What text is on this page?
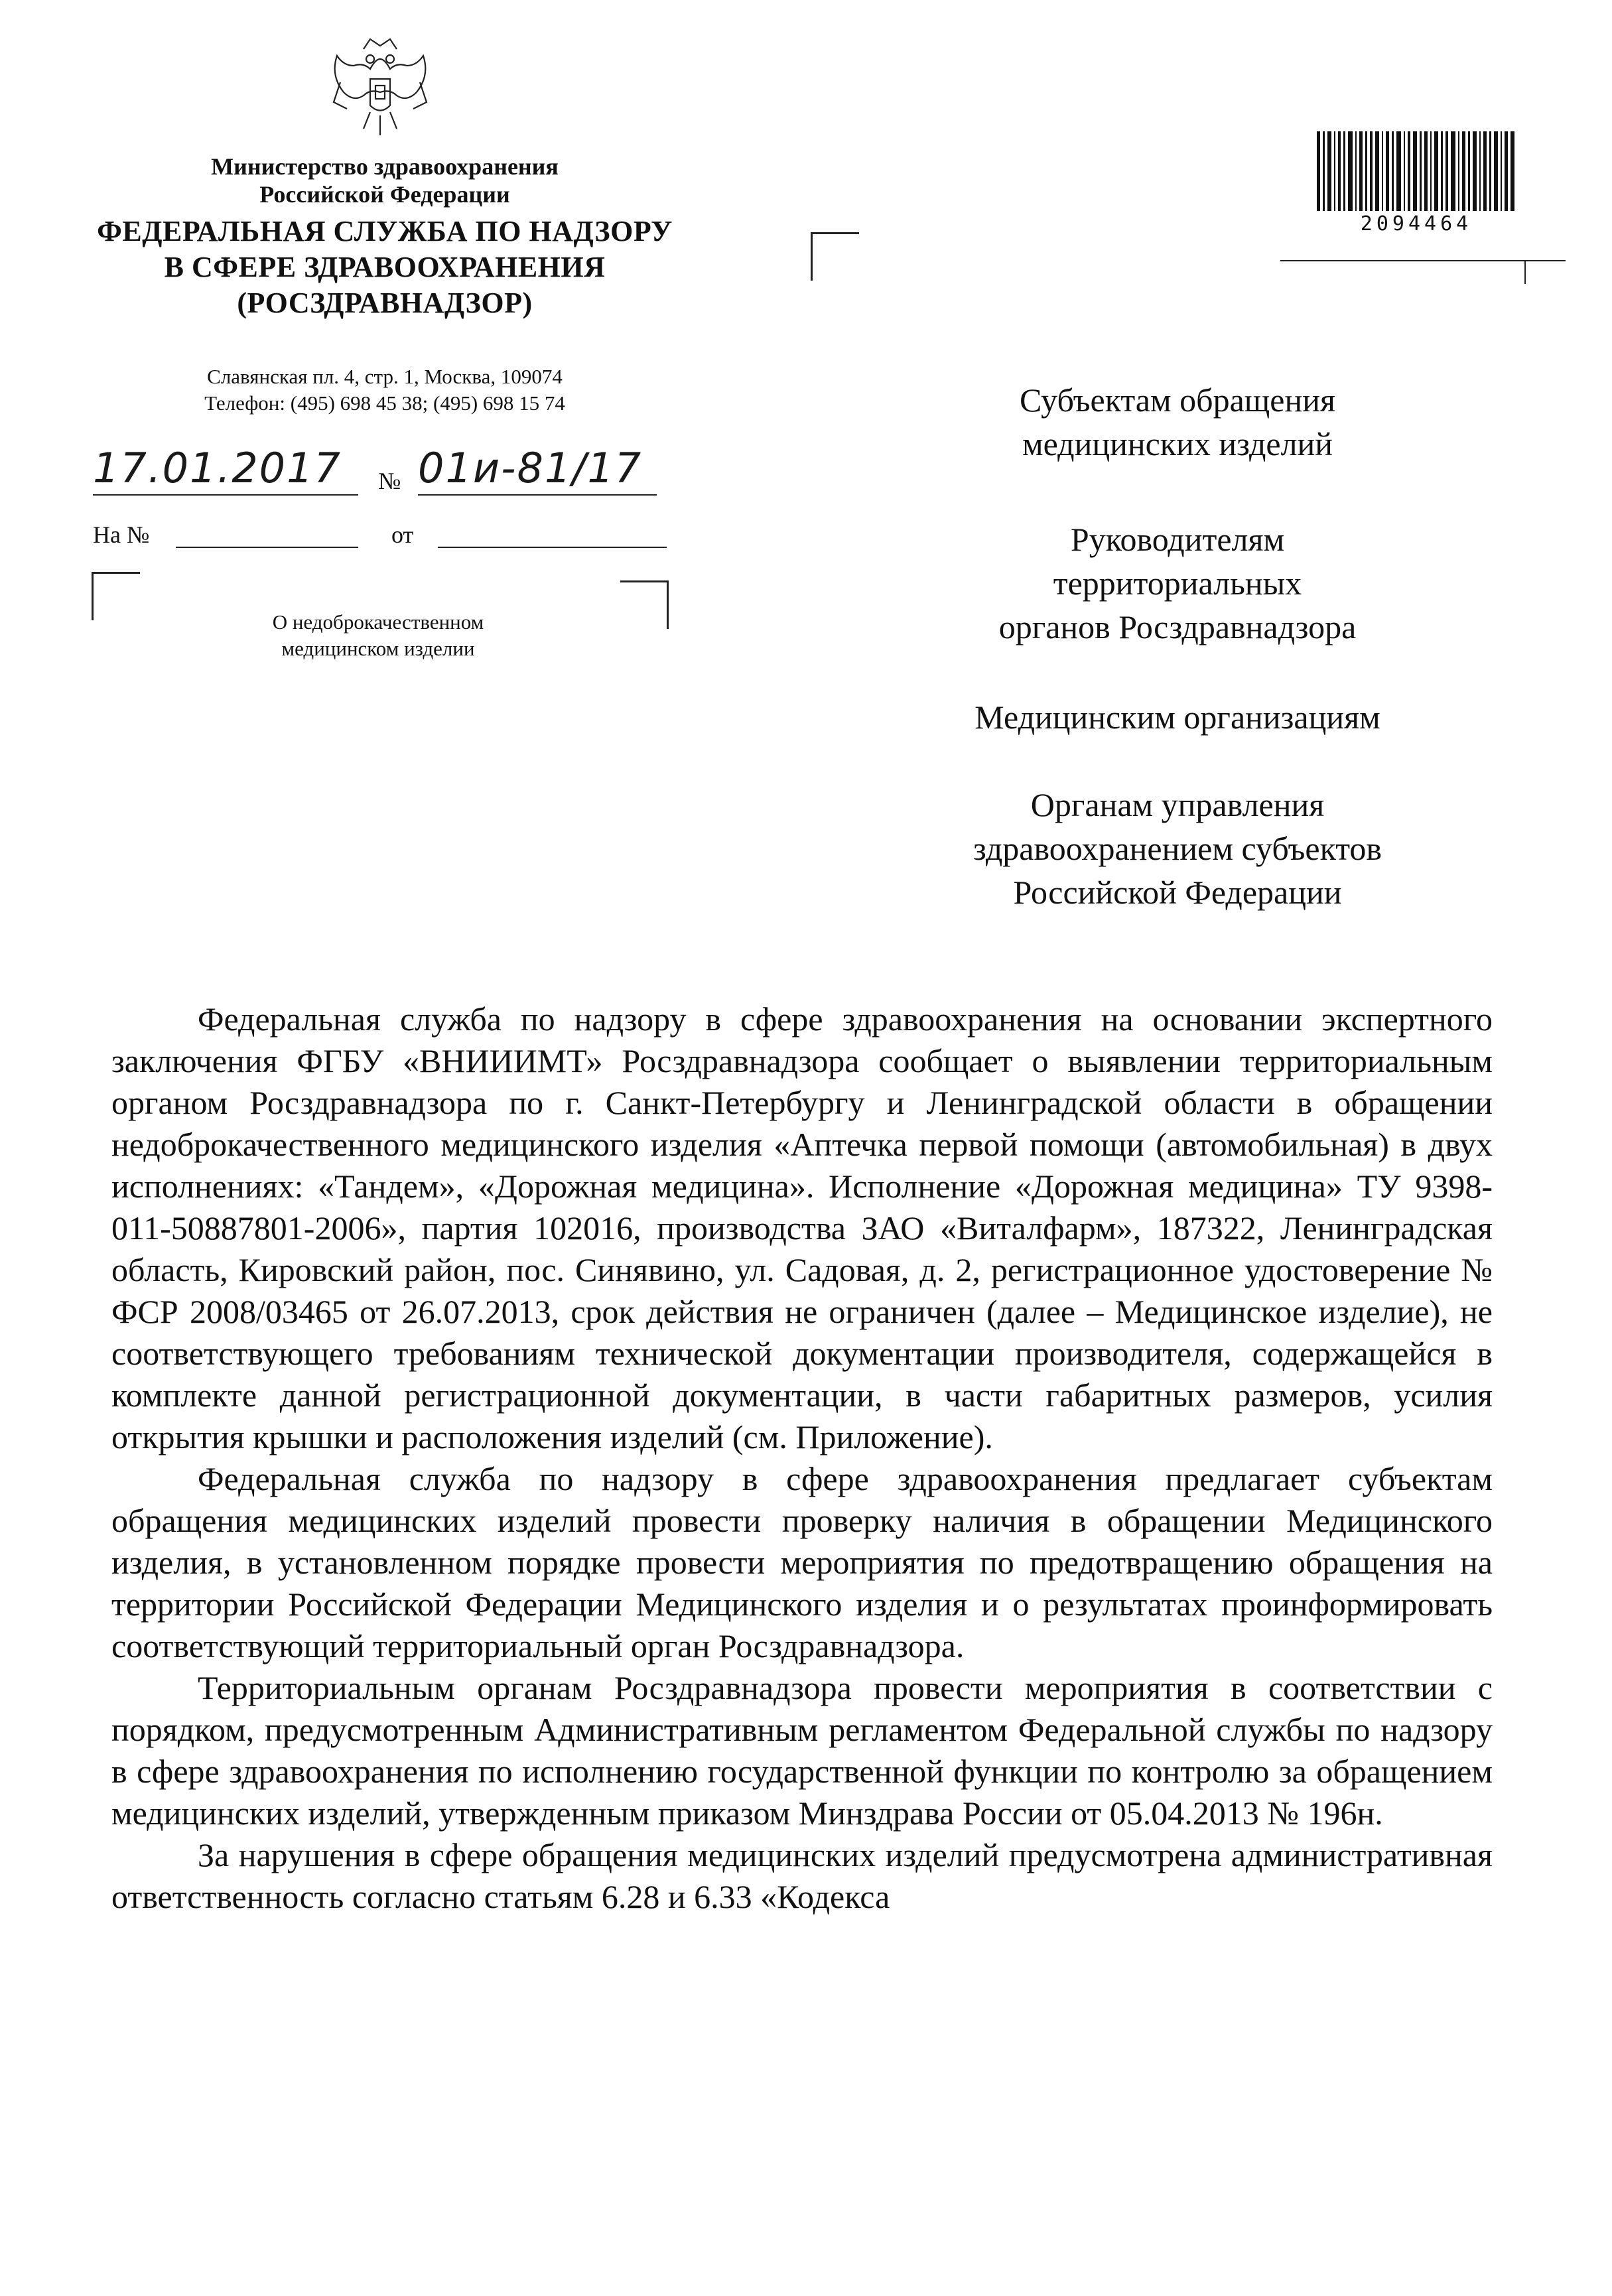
Министерство здравоохранения
Российской Федерации
ФЕДЕРАЛЬНАЯ СЛУЖБА ПО НАДЗОРУ
В СФЕРЕ ЗДРАВООХРАНЕНИЯ
(РОСЗДРАВНАДЗОР)
Славянская пл. 4, стр. 1, Москва, 109074
Телефон: (495) 698 45 38; (495) 698 15 74
17.01.2017	№ 01и-81/17
На №	от
О недоброкачественном
медицинском изделии
2094464
Субъектам обращения
медицинских изделий
Руководителям
территориальных
органов Росздравнадзора
Медицинским организациям
Органам управления
здравоохранением субъектов
Российской Федерации

Федеральная служба по надзору в сфере здравоохранения на основании экспертного заключения ФГБУ «ВНИИИМТ» Росздравнадзора сообщает о выявлении территориальным органом Росздравнадзора по г. Санкт-Петербургу и Ленинградской области в обращении недоброкачественного медицинского изделия «Аптечка первой помощи (автомобильная) в двух исполнениях: «Тандем», «Дорожная медицина». Исполнение «Дорожная медицина» ТУ 9398-011-50887801-2006», партия 102016, производства ЗАО «Виталфарм», 187322, Ленинградская область, Кировский район, пос. Синявино, ул. Садовая, д. 2, регистрационное удостоверение № ФСР 2008/03465 от 26.07.2013, срок действия не ограничен (далее – Медицинское изделие), не соответствующего требованиям технической документации производителя, содержащейся в комплекте данной регистрационной документации, в части габаритных размеров, усилия открытия крышки и расположения изделий (см. Приложение).

Федеральная служба по надзору в сфере здравоохранения предлагает субъектам обращения медицинских изделий провести проверку наличия в обращении Медицинского изделия, в установленном порядке провести мероприятия по предотвращению обращения на территории Российской Федерации Медицинского изделия и о результатах проинформировать соответствующий территориальный орган Росздравнадзора.

Территориальным органам Росздравнадзора провести мероприятия в соответствии с порядком, предусмотренным Административным регламентом Федеральной службы по надзору в сфере здравоохранения по исполнению государственной функции по контролю за обращением медицинских изделий, утвержденным приказом Минздрава России от 05.04.2013 № 196н.

За нарушения в сфере обращения медицинских изделий предусмотрена административная ответственность согласно статьям 6.28 и 6.33 «Кодекса
